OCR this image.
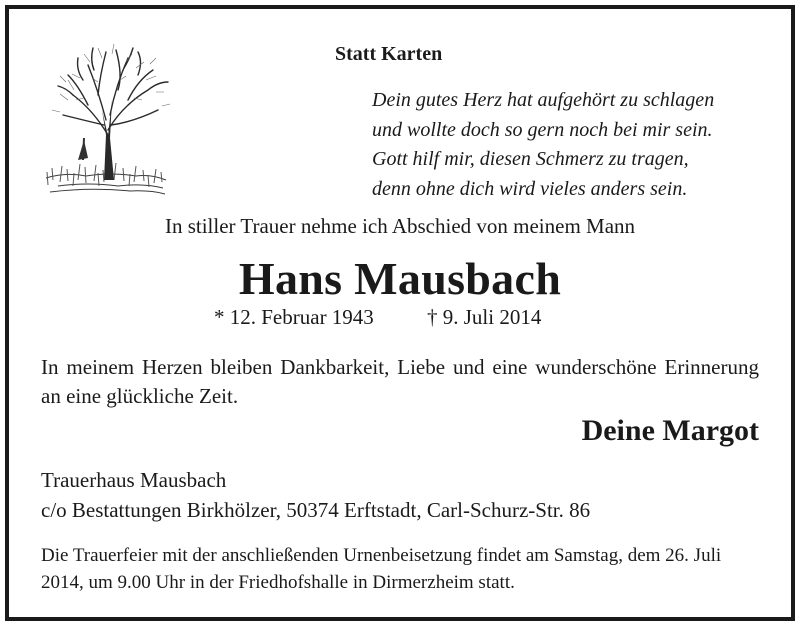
Statt Karten
Dein gutes Herz hat aufgehört zu schlagen
und wollte doch so gern noch bei mir sein.
Gott hilf mir, diesen Schmerz zu tragen,
denn ohne dich wird vieles anders sein.
In stiller Trauer nehme ich Abschied von meinem Mann
Hans Mausbach
* 12. Februar 1943	† 9. Juli 2014
In meinem Herzen bleiben Dankbarkeit, Liebe und eine wunderschöne Erinnerung an eine glückliche Zeit.
Deine Margot
Trauerhaus Mausbach
c/o Bestattungen Birkhölzer, 50374 Erftstadt, Carl-Schurz-Str. 86
Die Trauerfeier mit der anschließenden Urnenbeisetzung findet am Samstag, dem 26. Juli 2014, um 9.00 Uhr in der Friedhofshalle in Dirmerzheim statt.
